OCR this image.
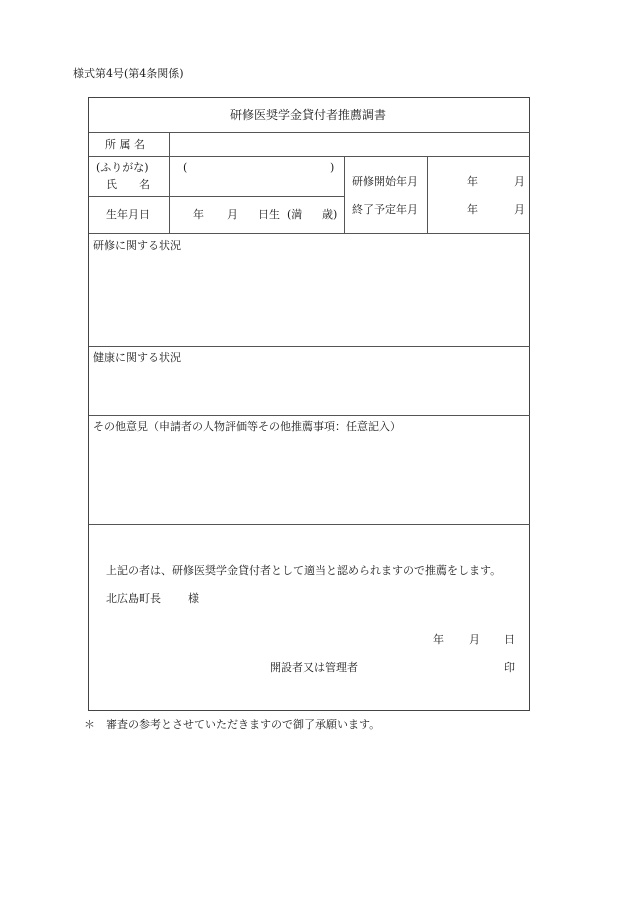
様式第4号(第4条関係)
研修医奨学金貸付者推薦調書
所 属 名
(ふりがな)
氏　　名
(	)
生年月日	年 月 日生 (満 歳)
研修開始年月	年	月
終了予定年月	年	月
研修に関する状況
健康に関する状況
その他意見（申請者の人物評価等その他推薦事項：任意記入）
上記の者は、研修医奨学金貸付者として適当と認められますので推薦をします。
北広島町長 様
年 月 日
開設者又は管理者	印
＊ 審査の参考とさせていただきますので御了承願います。
